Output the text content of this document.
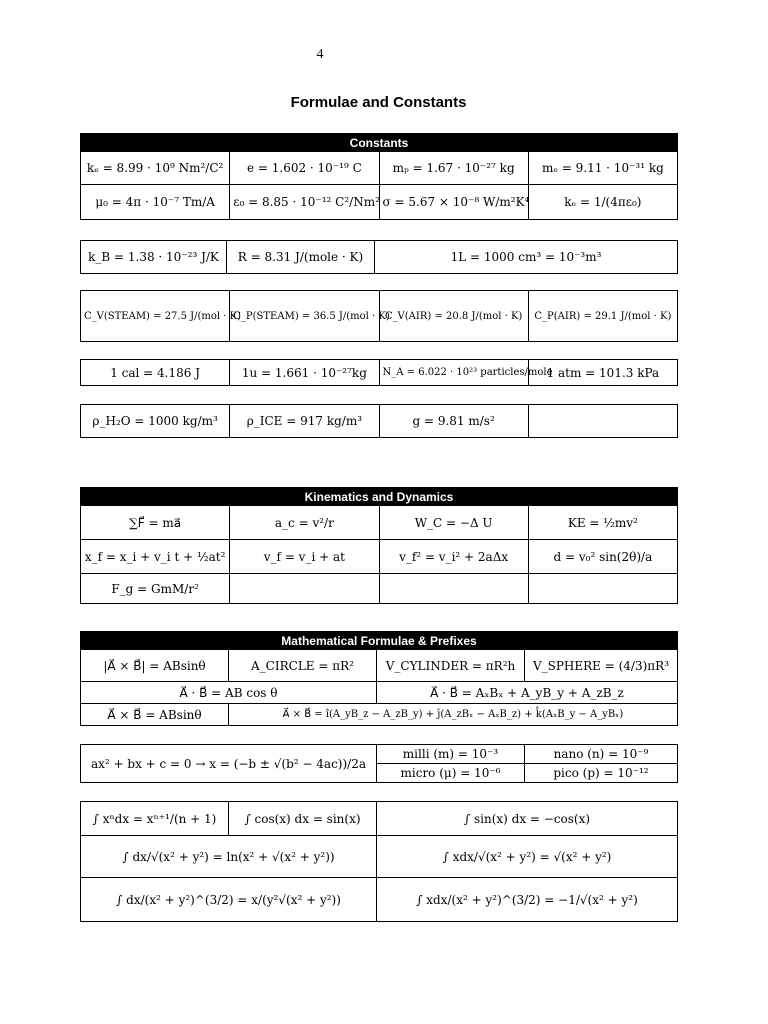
4
Formulae and Constants
Constants			
kₑ = 8.99 · 10⁹ Nm²/C²	e = 1.602 · 10⁻¹⁹ C	mₚ = 1.67 · 10⁻²⁷ kg	mₑ = 9.11 · 10⁻³¹ kg
μ₀ = 4π · 10⁻⁷ Tm/A	ε₀ = 8.85 · 10⁻¹² C²/Nm²	σ = 5.67 × 10⁻⁸ W/m²K⁴	kₑ = 1/(4πε₀)
k_B = 1.38 · 10⁻²³ J/K	R = 8.31 J/(mole · K)	1L = 1000 cm³ = 10⁻³m³
C_V(STEAM) = 27.5 J/(mol · K)	C_P(STEAM) = 36.5 J/(mol · K)	C_V(AIR) = 20.8 J/(mol · K)	C_P(AIR) = 29.1 J/(mol · K)
1 cal = 4.186 J	1u = 1.661 · 10⁻²⁷kg	N_A = 6.022 · 10²³ particles/mole	1 atm = 101.3 kPa
ρ_H₂O = 1000 kg/m³	ρ_ICE = 917 kg/m³	g = 9.81 m/s²	
Kinematics and Dynamics			
∑F⃗ = ma⃗	a_c = v²/r	W_C = −Δ U	KE = ½mv²
x_f = x_i + v_i t + ½at²	v_f = v_i + at	v_f² = v_i² + 2aΔx	d = v₀² sin(2θ)/a
F_g = GmM/r²			
Mathematical Formulae & Prefixes			
|A⃗ × B⃗| = ABsinθ	A_CIRCLE = πR²	V_CYLINDER = πR²h	V_SPHERE = (4/3)πR³
A⃗ · B⃗ = AB cos θ		A⃗ · B⃗ = AₓBₓ + A_yB_y + A_zB_z	
A⃗ × B⃗ = ABsinθ	A⃗ × B⃗ = î(A_yB_z − A_zB_y) + ĵ(A_zBₓ − AₓB_z) + k̂(AₓB_y − A_yBₓ)		
ax² + bx + c = 0 → x = (−b ± √(b² − 4ac))/2a	milli (m) = 10⁻³	nano (n) = 10⁻⁹
	micro (μ) = 10⁻⁶	pico (p) = 10⁻¹²
∫ xⁿdx = xⁿ⁺¹/(n + 1)	∫ cos(x) dx = sin(x)	∫ sin(x) dx = −cos(x)
∫ dx/√(x² + y²) = ln(x² + √(x² + y²))		∫ xdx/√(x² + y²) = √(x² + y²)
∫ dx/(x² + y²)^(3/2) = x/(y²√(x² + y²))		∫ xdx/(x² + y²)^(3/2) = −1/√(x² + y²)
